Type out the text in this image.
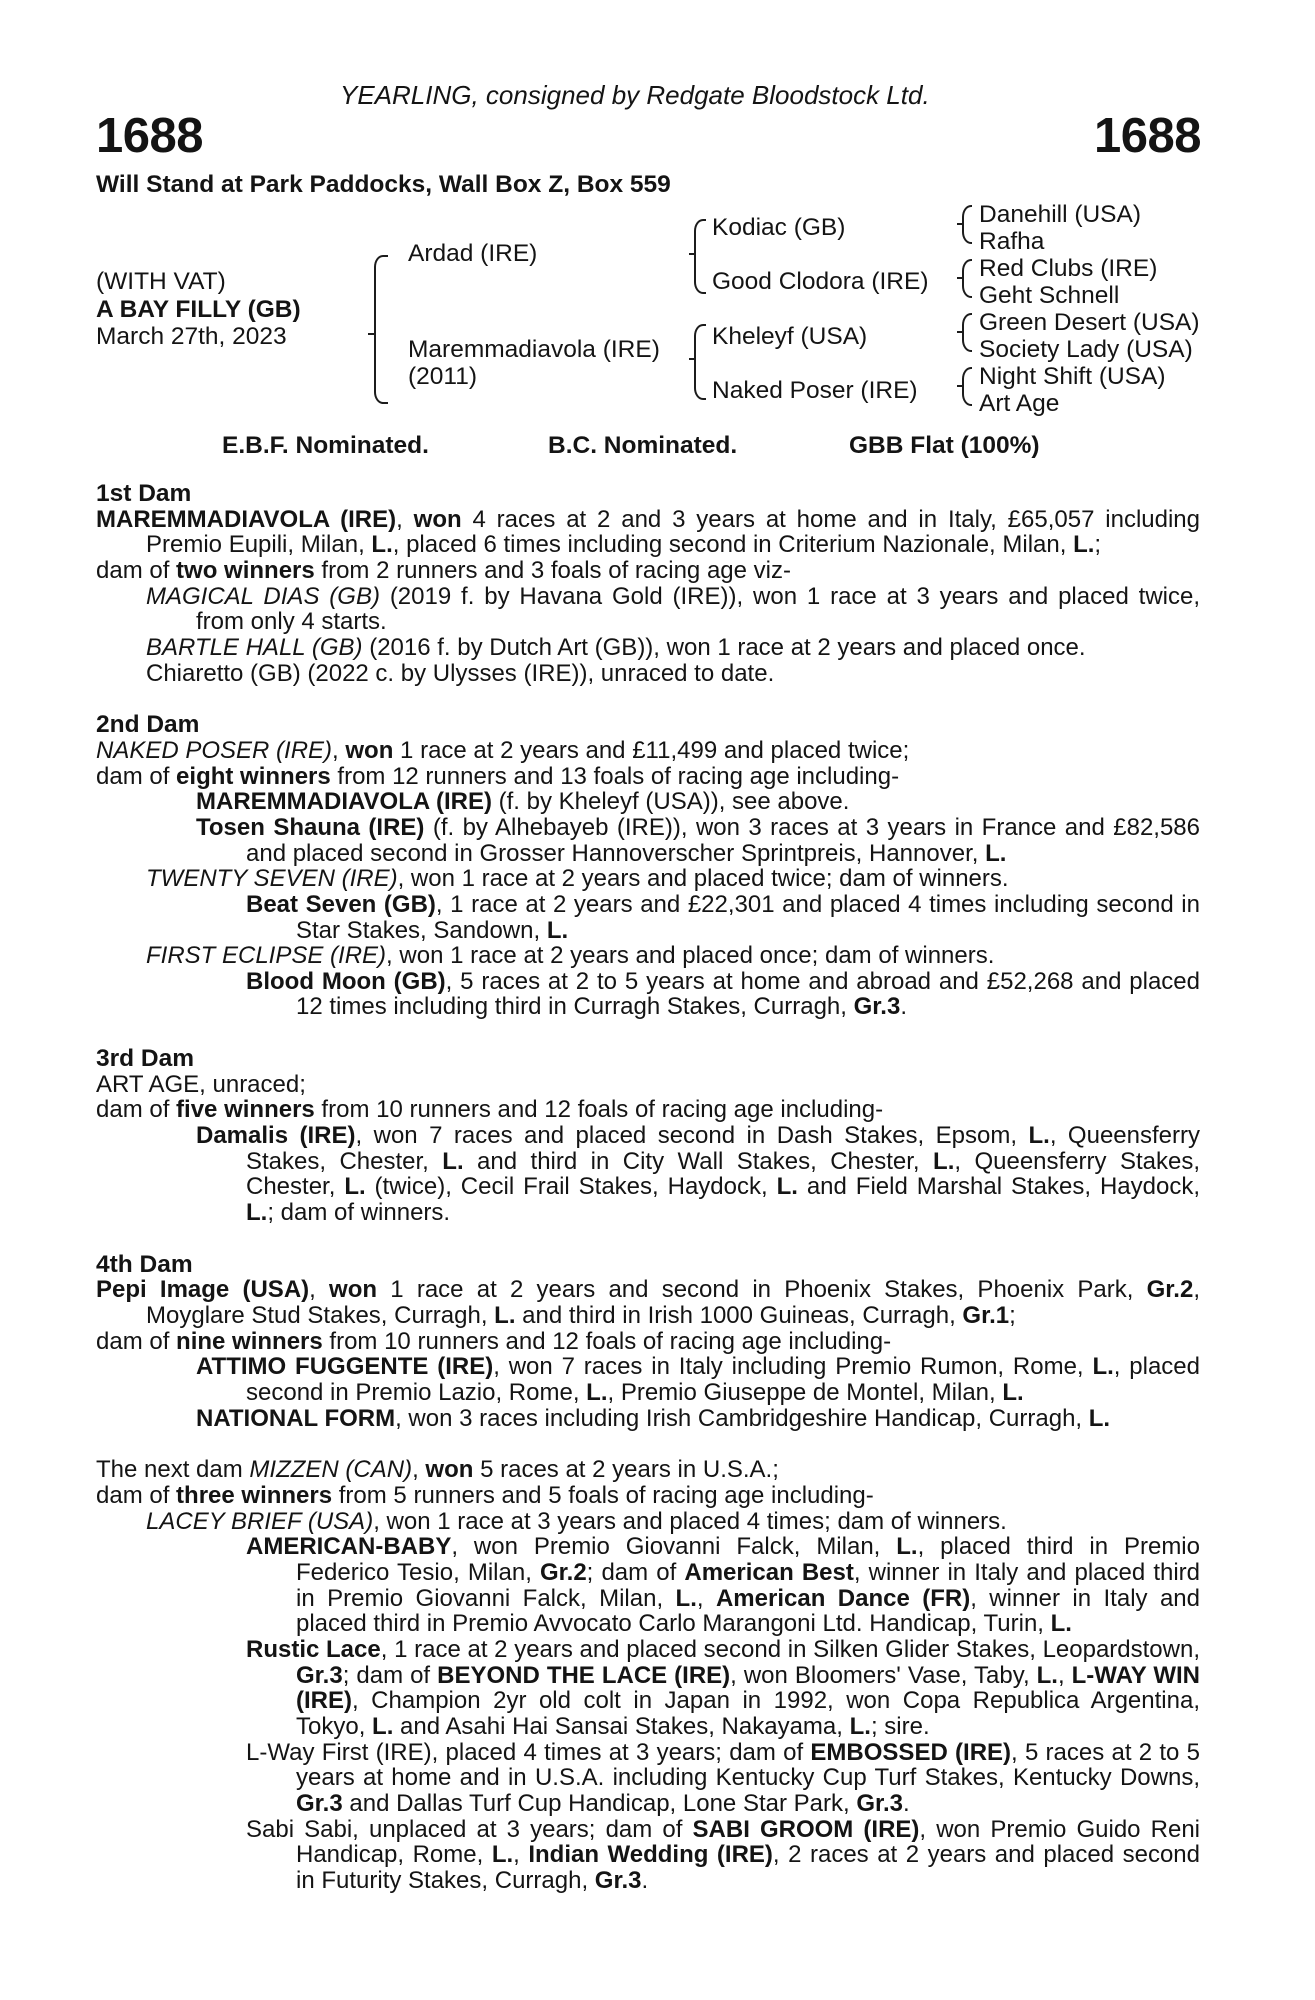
YEARLING, consigned by Redgate Bloodstock Ltd.
1688	1688
Will Stand at Park Paddocks, Wall Box Z, Box 559
(WITH VAT)
A BAY FILLY (GB)
March 27th, 2023
Ardad (IRE)
Maremmadiavola (IRE)
(2011)
Kodiac (GB)
Good Clodora (IRE)
Kheleyf (USA)
Naked Poser (IRE)
Danehill (USA)
Rafha
Red Clubs (IRE)
Geht Schnell
Green Desert (USA)
Society Lady (USA)
Night Shift (USA)
Art Age
E.B.F. Nominated.	B.C. Nominated.	GBB Flat (100%)
1st Dam
MAREMMADIAVOLA (IRE), won 4 races at 2 and 3 years at home and in Italy, £65,057 including Premio Eupili, Milan, L., placed 6 times including second in Criterium Nazionale, Milan, L.;
dam of two winners from 2 runners and 3 foals of racing age viz-
MAGICAL DIAS (GB) (2019 f. by Havana Gold (IRE)), won 1 race at 3 years and placed twice, from only 4 starts.
BARTLE HALL (GB) (2016 f. by Dutch Art (GB)), won 1 race at 2 years and placed once.
Chiaretto (GB) (2022 c. by Ulysses (IRE)), unraced to date.
2nd Dam
NAKED POSER (IRE), won 1 race at 2 years and £11,499 and placed twice;
dam of eight winners from 12 runners and 13 foals of racing age including-
MAREMMADIAVOLA (IRE) (f. by Kheleyf (USA)), see above.
Tosen Shauna (IRE) (f. by Alhebayeb (IRE)), won 3 races at 3 years in France and £82,586 and placed second in Grosser Hannoverscher Sprintpreis, Hannover, L.
TWENTY SEVEN (IRE), won 1 race at 2 years and placed twice; dam of winners.
Beat Seven (GB), 1 race at 2 years and £22,301 and placed 4 times including second in Star Stakes, Sandown, L.
FIRST ECLIPSE (IRE), won 1 race at 2 years and placed once; dam of winners.
Blood Moon (GB), 5 races at 2 to 5 years at home and abroad and £52,268 and placed 12 times including third in Curragh Stakes, Curragh, Gr.3.
3rd Dam
ART AGE, unraced;
dam of five winners from 10 runners and 12 foals of racing age including-
Damalis (IRE), won 7 races and placed second in Dash Stakes, Epsom, L., Queensferry Stakes, Chester, L. and third in City Wall Stakes, Chester, L., Queensferry Stakes, Chester, L. (twice), Cecil Frail Stakes, Haydock, L. and Field Marshal Stakes, Haydock, L.; dam of winners.
4th Dam
Pepi Image (USA), won 1 race at 2 years and second in Phoenix Stakes, Phoenix Park, Gr.2, Moyglare Stud Stakes, Curragh, L. and third in Irish 1000 Guineas, Curragh, Gr.1;
dam of nine winners from 10 runners and 12 foals of racing age including-
ATTIMO FUGGENTE (IRE), won 7 races in Italy including Premio Rumon, Rome, L., placed second in Premio Lazio, Rome, L., Premio Giuseppe de Montel, Milan, L.
NATIONAL FORM, won 3 races including Irish Cambridgeshire Handicap, Curragh, L.
The next dam MIZZEN (CAN), won 5 races at 2 years in U.S.A.;
dam of three winners from 5 runners and 5 foals of racing age including-
LACEY BRIEF (USA), won 1 race at 3 years and placed 4 times; dam of winners.
AMERICAN-BABY, won Premio Giovanni Falck, Milan, L., placed third in Premio Federico Tesio, Milan, Gr.2; dam of American Best, winner in Italy and placed third in Premio Giovanni Falck, Milan, L., American Dance (FR), winner in Italy and placed third in Premio Avvocato Carlo Marangoni Ltd. Handicap, Turin, L.
Rustic Lace, 1 race at 2 years and placed second in Silken Glider Stakes, Leopardstown, Gr.3; dam of BEYOND THE LACE (IRE), won Bloomers' Vase, Taby, L., L-WAY WIN (IRE), Champion 2yr old colt in Japan in 1992, won Copa Republica Argentina, Tokyo, L. and Asahi Hai Sansai Stakes, Nakayama, L.; sire.
L-Way First (IRE), placed 4 times at 3 years; dam of EMBOSSED (IRE), 5 races at 2 to 5 years at home and in U.S.A. including Kentucky Cup Turf Stakes, Kentucky Downs, Gr.3 and Dallas Turf Cup Handicap, Lone Star Park, Gr.3.
Sabi Sabi, unplaced at 3 years; dam of SABI GROOM (IRE), won Premio Guido Reni Handicap, Rome, L., Indian Wedding (IRE), 2 races at 2 years and placed second in Futurity Stakes, Curragh, Gr.3.
